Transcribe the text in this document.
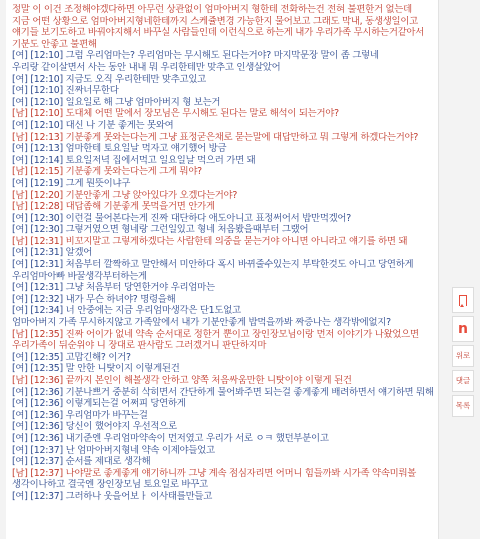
정말 이 이건 조정해야겠다하면 아무런 상관없이 엄마아버지 형한테 전화하는건 전혀 불편한거 없는데
지금 어떤 상황으로 엄마아버지형네한테까지 스케쥴변경 가능한지 물어보고 그래도 막내, 동생생일이고
얘기들 보기도하고 바꿔야지해서 바꾸실 사람들인데 이런식으로 하는게 내가 우리가족 무시하는거같아서
기분도 안좋고 불편해
[여] [12:10] 그럼 우리엄마는? 우리엄마는 무시해도 된다는거야? 마지막문장 말이 좀 그렇네
우리랑 같이살면서 사는 동안 내내 뭐 우리한테만 맞추고 인생살았어
[여] [12:10] 지금도 오직 우리한테만 맞추고있고
[여] [12:10] 진짜너무한다
[여] [12:10] 일요일로 해 그냥 엄마아버지 형 보는거
[남] [12:10] 도대체 어떤 말에서 장모님은 무시해도 된다는 말로 해석이 되는거야?
[여] [12:10] 대신 나 기분 좋게는 못와여
[남] [12:13] 기분좋게 못와는다는게 그냥 표정굳은채로 묻는말에 대답만하고 뭐 그렇게 하겠다는거야?
[여] [12:13] 엄마한테 토요일날 먹자고 얘기했어 방금
[여] [12:14] 토요일저녁 집에서먹고 일요일날 먹으러 가면 돼
[남] [12:15] 기분좋게 못와는다는게 그게 뭐야?
[여] [12:19] 그게 뭔뜻이냐구
[남] [12:20] 기분안좋게 그냥 앉아있다가 오겠다는거야?
[남] [12:28] 대답좀해 기분좋게 못먹을거면 안가게
[여] [12:30] 이런걸 물어본다는게 진짜 대단하다 애도아니고 표정써어서 밥만먹겠어?
[여] [12:30] 그렇거였으면 형네랑 그런일있고 형네 처음봤을때부터 그랬어
[남] [12:31] 비꼬지말고 그렇게하겠다는 사람한테 의중을 묻는거야 아니면 아니라고 얘기를 하면 돼
[여] [12:31] 알겠어
[여] [12:31] 처음부터 깔짝하고 말안해서 미안하다 혹시 바뀌줄수있는지 부탁한것도 아니고 당연하게
우리엄마아빠 바꿀생각부터하는게
[여] [12:31] 그냥 처음부터 당연한거야 우리엄마는
[여] [12:32] 내가 무슨 하녀야? 명령을해
[여] [12:34] 너 안중에는 지금 우리엄마생각은 단1도없고
엄마아버지 가족 무시하지않고 가족앞에서 내가 기분안좋게 밥먹을까봐 짜증나는 생각밖에없지?
[남] [12:35] 진짜 어이가 없네 약속 순서대로 정한거 뿐이고 장인장모님이랑 먼저 이야기가 나왔었으면
우리가족이 뒤순위야 니 장대로 판사람도 그러겠거니 판단하지마
[여] [12:35] 고맙긴해? 이거?
[여] [12:35] 말 안한 니탓이지 이렇게된건
[남] [12:36] 끝까지 본인이 해볼생각 안하고 양쪽 처음싸움만한 니탓이야 이렇게 된건
[여] [12:36] 기분나쁘거 중분히 삭히면서 간단하게 물어봐주면 되는걸 좋게좋게 배려하면서 얘기하면 뭐해
[여] [12:36] 이렇게되는걸 어쩌피 당연하게
[여] [12:36] 우리엄마가 바꾸는걸
[여] [12:36] 당신이 했어야지 우선적으로
[여] [12:36] 내기준엔 우리엄마약속이 먼저였고 우리가 서로 ㅇㅋ 했던부분이고
[여] [12:37] 난 엄마아버지형네 약속 이제야들었고
[여] [12:37] 순서를 제대로 생각해
[남] [12:37] 나야말로 좋게좋게 얘기하니까 그냥 계속 점심자리면 어머니 힘들까봐 시가족 약속미뤄볼
생각이나하고 결국엔 장인장모님 토요일로 바꾸고
[여] [12:37] 그러하나 웃을어보ㅏ 이사태를만들고
n
위로
댓글
목록
